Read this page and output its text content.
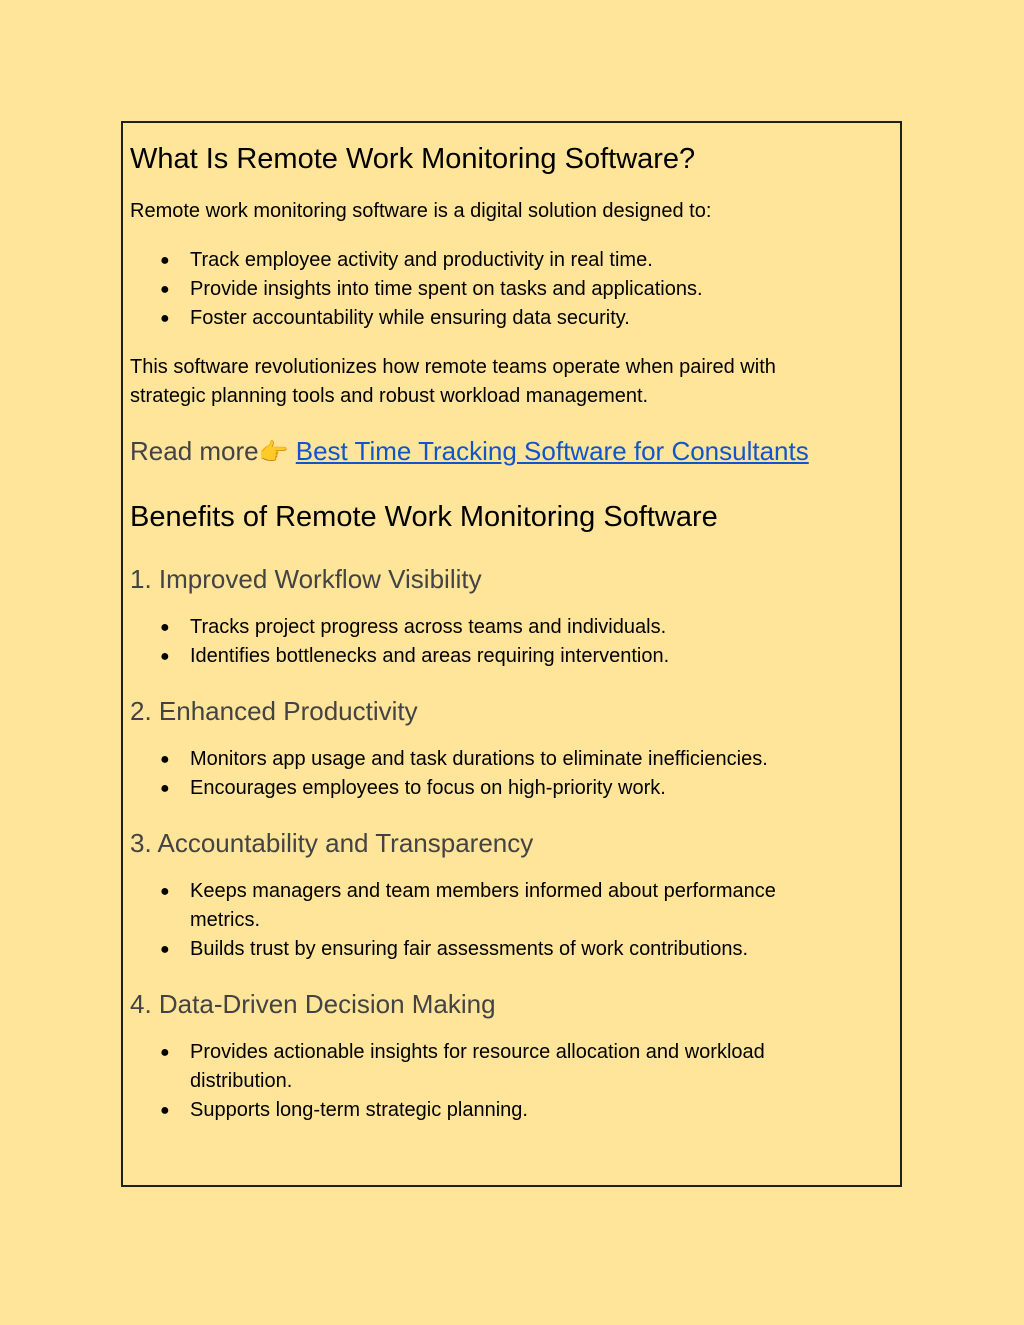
What Is Remote Work Monitoring Software?

Remote work monitoring software is a digital solution designed to:

● Track employee activity and productivity in real time.
● Provide insights into time spent on tasks and applications.
● Foster accountability while ensuring data security.

This software revolutionizes how remote teams operate when paired with strategic planning tools and robust workload management.

Read more👉 Best Time Tracking Software for Consultants
Benefits of Remote Work Monitoring Software
1. Improved Workflow Visibility
● Tracks project progress across teams and individuals.
● Identifies bottlenecks and areas requiring intervention.
2. Enhanced Productivity
● Monitors app usage and task durations to eliminate inefficiencies.
● Encourages employees to focus on high-priority work.
3. Accountability and Transparency
● Keeps managers and team members informed about performance metrics.
● Builds trust by ensuring fair assessments of work contributions.
4. Data-Driven Decision Making
● Provides actionable insights for resource allocation and workload distribution.
● Supports long-term strategic planning.
